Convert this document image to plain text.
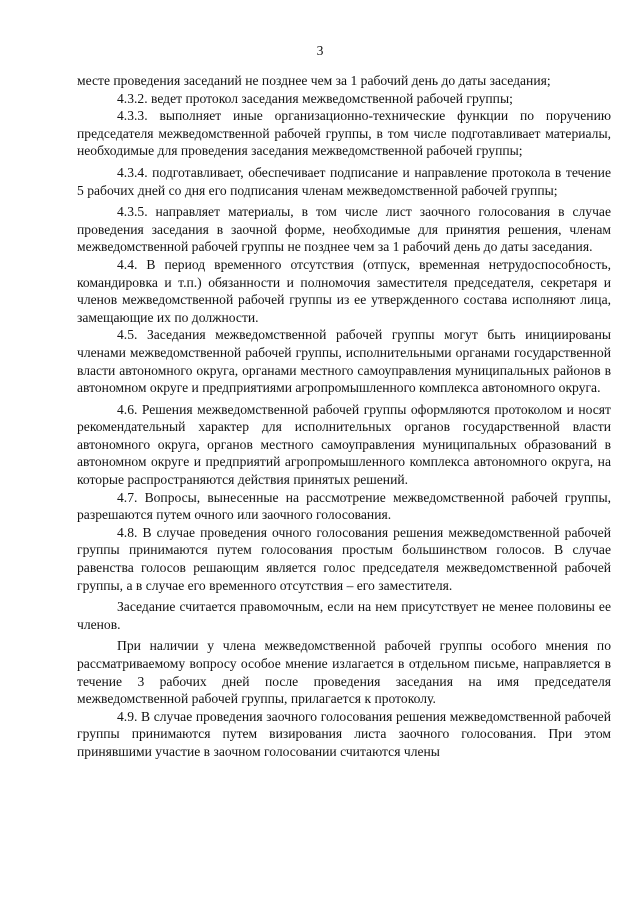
3

месте проведения заседаний не позднее чем за 1 рабочий день до даты заседания;

4.3.2. ведет протокол заседания межведомственной рабочей группы;

4.3.3. выполняет иные организационно-технические функции по поручению председателя межведомственной рабочей группы, в том числе подготавливает материалы, необходимые для проведения заседания межведомственной рабочей группы;

4.3.4. подготавливает, обеспечивает подписание и направление протокола в течение 5 рабочих дней со дня его подписания членам межведомственной рабочей группы;

4.3.5. направляет материалы, в том числе лист заочного голосования в случае проведения заседания в заочной форме, необходимые для принятия решения, членам межведомственной рабочей группы не позднее чем за 1 рабочий день до даты заседания.

4.4. В период временного отсутствия (отпуск, временная нетрудоспособность, командировка и т.п.) обязанности и полномочия заместителя председателя, секретаря и членов межведомственной рабочей группы из ее утвержденного состава исполняют лица, замещающие их по должности.

4.5. Заседания межведомственной рабочей группы могут быть инициированы членами межведомственной рабочей группы, исполнительными органами государственной власти автономного округа, органами местного самоуправления муниципальных районов в автономном округе и предприятиями агропромышленного комплекса автономного округа.

4.6. Решения межведомственной рабочей группы оформляются протоколом и носят рекомендательный характер для исполнительных органов государственной власти автономного округа, органов местного самоуправления муниципальных образований в автономном округе и предприятий агропромышленного комплекса автономного округа, на которые распространяются действия принятых решений.

4.7. Вопросы, вынесенные на рассмотрение межведомственной рабочей группы, разрешаются путем очного или заочного голосования.

4.8. В случае проведения очного голосования решения межведомственной рабочей группы принимаются путем голосования простым большинством голосов. В случае равенства голосов решающим является голос председателя межведомственной рабочей группы, а в случае его временного отсутствия – его заместителя.

Заседание считается правомочным, если на нем присутствует не менее половины ее членов.

При наличии у члена межведомственной рабочей группы особого мнения по рассматриваемому вопросу особое мнение излагается в отдельном письме, направляется в течение 3 рабочих дней после проведения заседания на имя председателя межведомственной рабочей группы, прилагается к протоколу.

4.9. В случае проведения заочного голосования решения межведомственной рабочей группы принимаются путем визирования листа заочного голосования. При этом принявшими участие в заочном голосовании считаются члены
